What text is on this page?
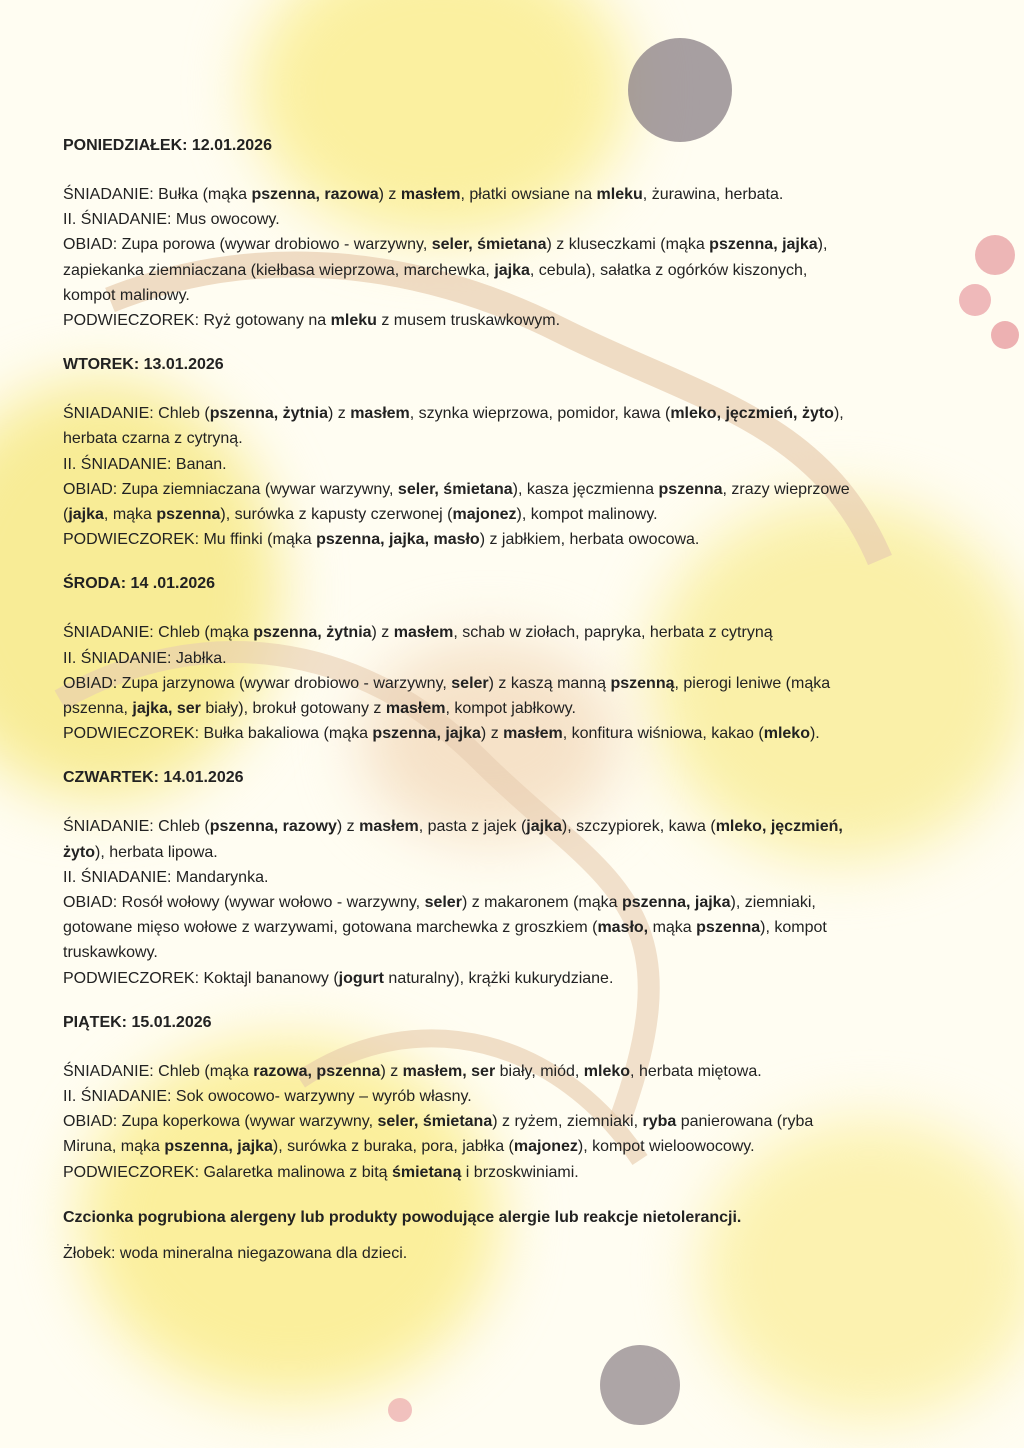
PONIEDZIAŁEK: 12.01.2026
ŚNIADANIE: Bułka (mąka pszenna, razowa) z masłem, płatki owsiane na mleku, żurawina, herbata.
II. ŚNIADANIE: Mus owocowy.
OBIAD: Zupa porowa (wywar drobiowo - warzywny, seler, śmietana) z kluseczkami (mąka pszenna, jajka),
zapiekanka ziemniaczana (kiełbasa wieprzowa, marchewka, jajka, cebula), sałatka z ogórków kiszonych,
kompot malinowy.
PODWIECZOREK: Ryż gotowany na mleku z musem truskawkowym.
WTOREK: 13.01.2026
ŚNIADANIE: Chleb (pszenna, żytnia) z masłem, szynka wieprzowa, pomidor, kawa (mleko, jęczmień, żyto),
herbata czarna z cytryną.
II. ŚNIADANIE: Banan.
OBIAD: Zupa ziemniaczana (wywar warzywny, seler, śmietana), kasza jęczmienna pszenna, zrazy wieprzowe
(jajka, mąka pszenna), surówka z kapusty czerwonej (majonez), kompot malinowy.
PODWIECZOREK: Mu ffinki (mąka pszenna, jajka, masło) z jabłkiem, herbata owocowa.
ŚRODA: 14 .01.2026
ŚNIADANIE: Chleb (mąka pszenna, żytnia) z masłem, schab w ziołach, papryka, herbata z cytryną
II. ŚNIADANIE: Jabłka.
OBIAD: Zupa jarzynowa (wywar drobiowo - warzywny, seler) z kaszą manną pszenną, pierogi leniwe (mąka
pszenna, jajka, ser biały), brokuł gotowany z masłem, kompot jabłkowy.
PODWIECZOREK: Bułka bakaliowa (mąka pszenna, jajka) z masłem, konfitura wiśniowa, kakao (mleko).
CZWARTEK: 14.01.2026
ŚNIADANIE: Chleb (pszenna, razowy) z masłem, pasta z jajek (jajka), szczypiorek, kawa (mleko, jęczmień,
żyto), herbata lipowa.
II. ŚNIADANIE: Mandarynka.
OBIAD: Rosół wołowy (wywar wołowo - warzywny, seler) z makaronem (mąka pszenna, jajka), ziemniaki,
gotowane mięso wołowe z warzywami, gotowana marchewka z groszkiem (masło, mąka pszenna), kompot
truskawkowy.
PODWIECZOREK: Koktajl bananowy (jogurt naturalny), krążki kukurydziane.
PIĄTEK: 15.01.2026
ŚNIADANIE: Chleb (mąka razowa, pszenna) z masłem, ser biały, miód, mleko, herbata miętowa.
II. ŚNIADANIE: Sok owocowo- warzywny – wyrób własny.
OBIAD: Zupa koperkowa (wywar warzywny, seler, śmietana) z ryżem, ziemniaki, ryba panierowana (ryba
Miruna, mąka pszenna, jajka), surówka z buraka, pora, jabłka (majonez), kompot wieloowocowy.
PODWIECZOREK: Galaretka malinowa z bitą śmietaną i brzoskwiniami.
Czcionka pogrubiona alergeny lub produkty powodujące alergie lub reakcje nietolerancji.
Żłobek: woda mineralna niegazowana dla dzieci.
